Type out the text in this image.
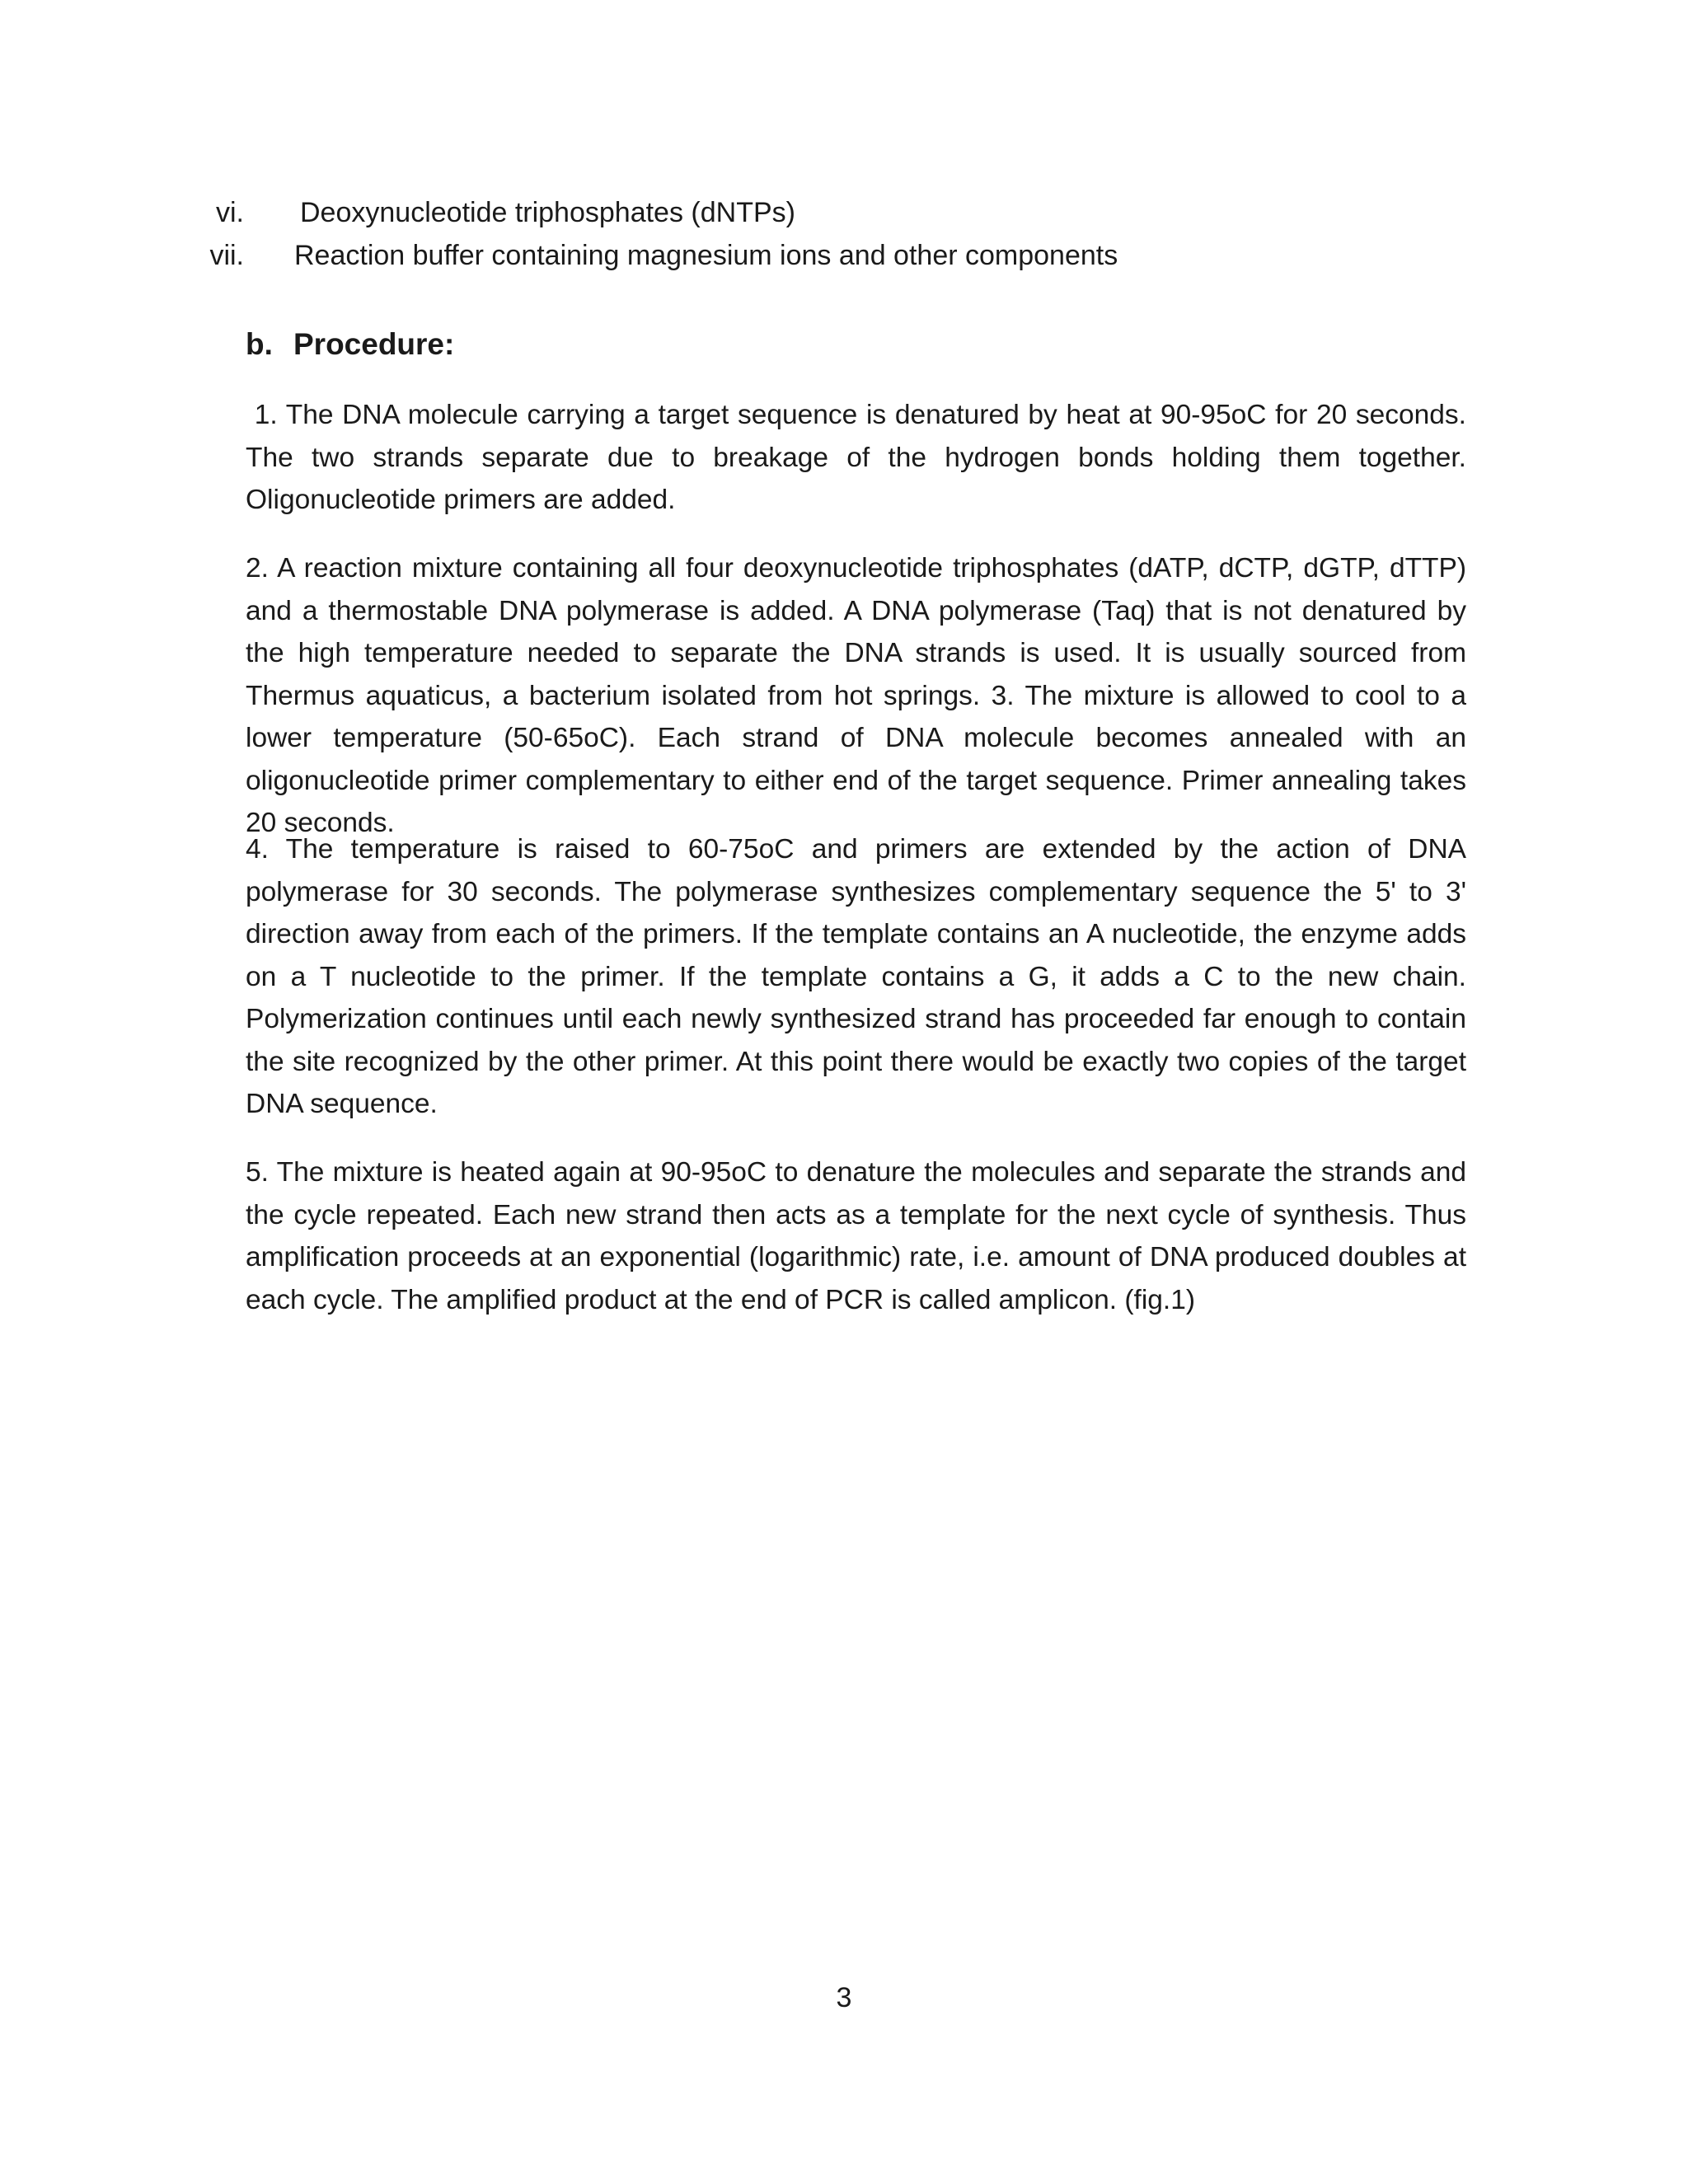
vi. Deoxynucleotide triphosphates (dNTPs)
vii. Reaction buffer containing magnesium ions and other components
b. Procedure:

1. The DNA molecule carrying a target sequence is denatured by heat at 90-95oC for 20 seconds. The two strands separate due to breakage of the hydrogen bonds holding them together. Oligonucleotide primers are added.

2. A reaction mixture containing all four deoxynucleotide triphosphates (dATP, dCTP, dGTP, dTTP) and a thermostable DNA polymerase is added. A DNA polymerase (Taq) that is not denatured by the high temperature needed to separate the DNA strands is used. It is usually sourced from Thermus aquaticus, a bacterium isolated from hot springs. 3. The mixture is allowed to cool to a lower temperature (50-65oC). Each strand of DNA molecule becomes annealed with an oligonucleotide primer complementary to either end of the target sequence. Primer annealing takes 20 seconds.

4. The temperature is raised to 60-75oC and primers are extended by the action of DNA polymerase for 30 seconds. The polymerase synthesizes complementary sequence the 5' to 3' direction away from each of the primers. If the template contains an A nucleotide, the enzyme adds on a T nucleotide to the primer. If the template contains a G, it adds a C to the new chain. Polymerization continues until each newly synthesized strand has proceeded far enough to contain the site recognized by the other primer. At this point there would be exactly two copies of the target DNA sequence.

5. The mixture is heated again at 90-95oC to denature the molecules and separate the strands and the cycle repeated. Each new strand then acts as a template for the next cycle of synthesis. Thus amplification proceeds at an exponential (logarithmic) rate, i.e. amount of DNA produced doubles at each cycle. The amplified product at the end of PCR is called amplicon. (fig.1)

3
